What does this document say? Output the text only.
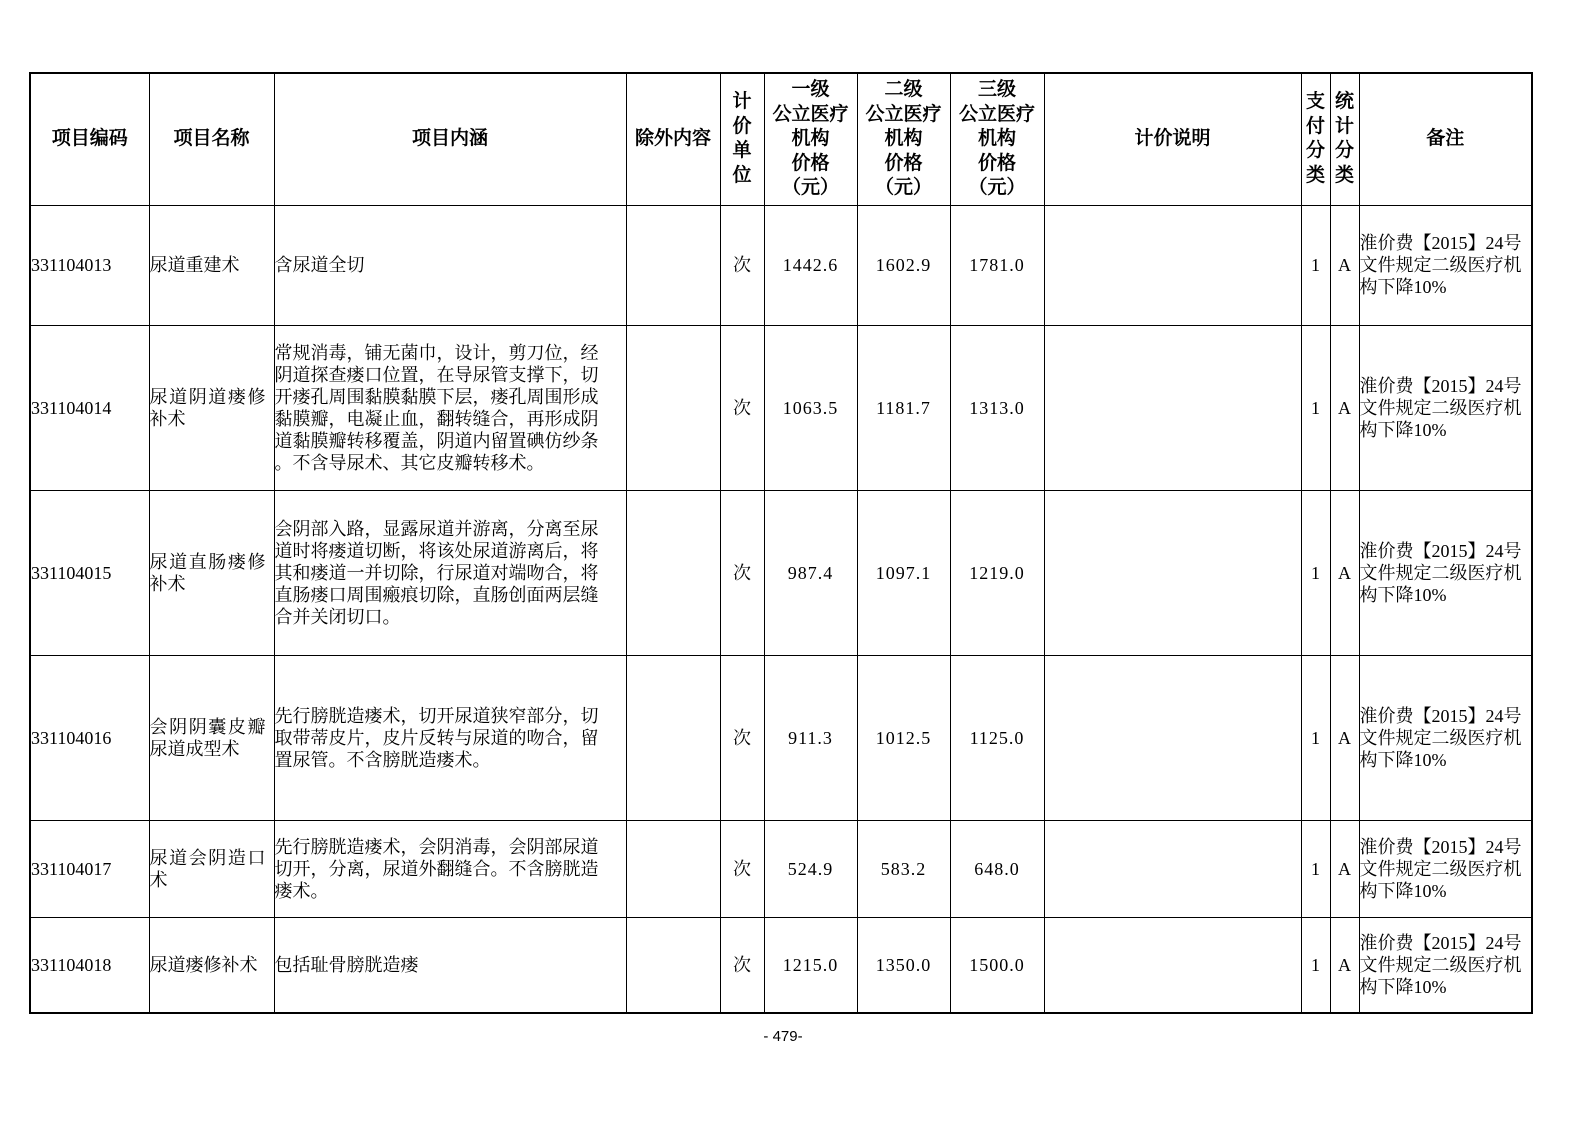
项目编码	项目名称	项目内涵	除外内容	计价单位	一级
公立医疗
机构
价格
（元）	二级
公立医疗
机构
价格
（元）	三级
公立医疗
机构
价格
（元）	计价说明	支付分类	统计分类	备注
331104013	尿道重建术	含尿道全切		次	1442.6	1602.9	1781.0		1	A	淮价费【2015】24号文件规定二级医疗机构下降10%

331104014	尿道阴道瘘修补术	常规消毒，铺无菌巾，设计，剪刀位，经阴道探查瘘口位置，在导尿管支撑下，切开瘘孔周围黏膜黏膜下层，瘘孔周围形成黏膜瓣，电凝止血，翻转缝合，再形成阴道黏膜瓣转移覆盖，阴道内留置碘仿纱条。不含导尿术、其它皮瓣转移术。		次	1063.5	1181.7	1313.0		1	A	淮价费【2015】24号文件规定二级医疗机构下降10%

331104015	尿道直肠瘘修补术	会阴部入路，显露尿道并游离，分离至尿道时将瘘道切断，将该处尿道游离后，将其和瘘道一并切除，行尿道对端吻合，将直肠瘘口周围瘢痕切除，直肠创面两层缝合并关闭切口。		次	987.4	1097.1	1219.0		1	A	淮价费【2015】24号文件规定二级医疗机构下降10%

331104016	会阴阴囊皮瓣尿道成型术	先行膀胱造瘘术，切开尿道狭窄部分，切取带蒂皮片，皮片反转与尿道的吻合，留置尿管。不含膀胱造瘘术。		次	911.3	1012.5	1125.0		1	A	淮价费【2015】24号文件规定二级医疗机构下降10%

331104017	尿道会阴造口术	先行膀胱造瘘术，会阴消毒，会阴部尿道切开，分离，尿道外翻缝合。不含膀胱造瘘术。		次	524.9	583.2	648.0		1	A	淮价费【2015】24号文件规定二级医疗机构下降10%

331104018	尿道瘘修补术	包括耻骨膀胱造瘘		次	1215.0	1350.0	1500.0		1	A	淮价费【2015】24号文件规定二级医疗机构下降10%
- 479-
